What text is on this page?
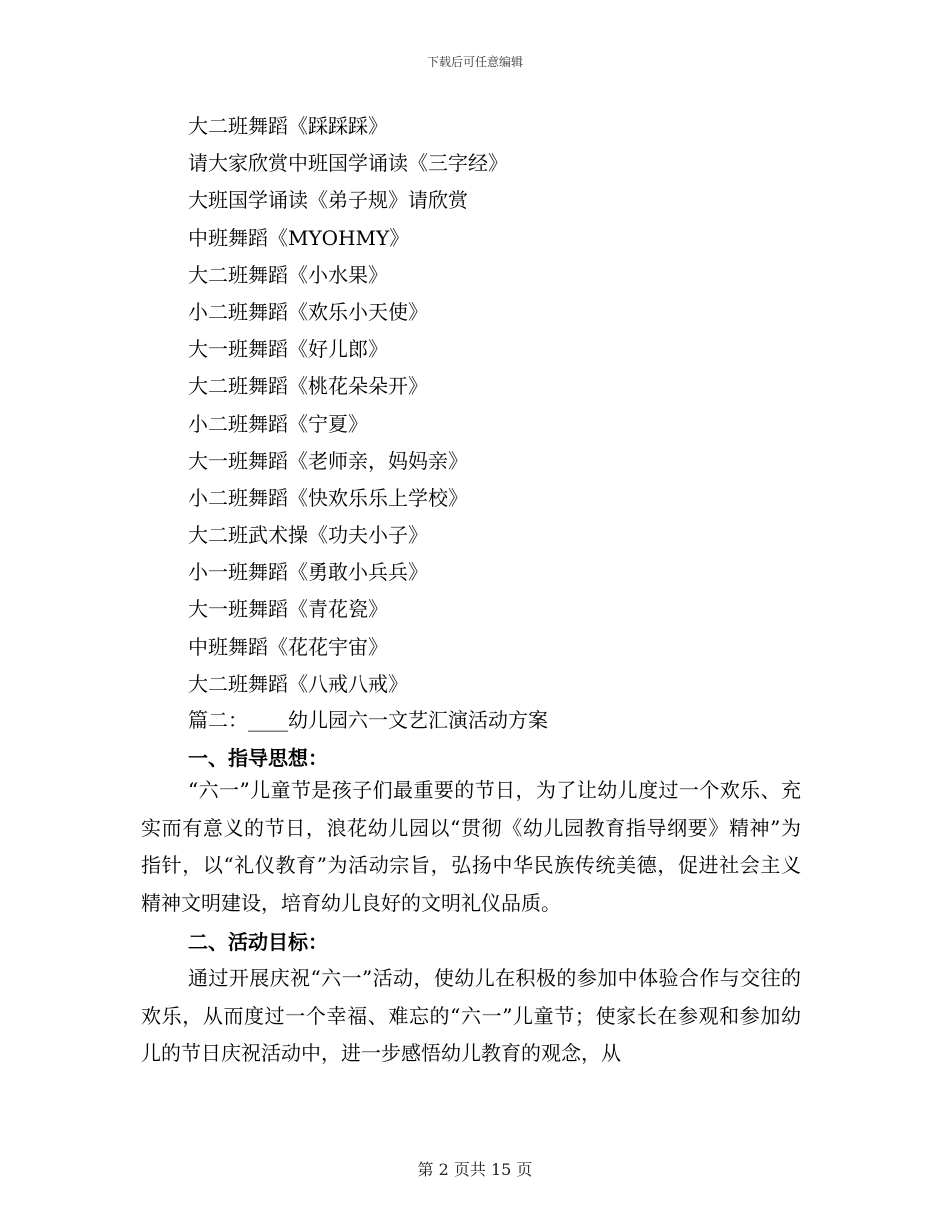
下载后可任意编辑
大二班舞蹈《踩踩踩》
请大家欣赏中班国学诵读《三字经》
大班国学诵读《弟子规》请欣赏
中班舞蹈《MYOHMY》
大二班舞蹈《小水果》
小二班舞蹈《欢乐小天使》
大一班舞蹈《好儿郎》
大二班舞蹈《桃花朵朵开》
小二班舞蹈《宁夏》
大一班舞蹈《老师亲，妈妈亲》
小二班舞蹈《快欢乐乐上学校》
大二班武术操《功夫小子》
小一班舞蹈《勇敢小兵兵》
大一班舞蹈《青花瓷》
中班舞蹈《花花宇宙》
大二班舞蹈《八戒八戒》
篇二：____幼儿园六一文艺汇演活动方案
一、指导思想：

“六一”儿童节是孩子们最重要的节日，为了让幼儿度过一个欢乐、充实而有意义的节日，浪花幼儿园以“贯彻《幼儿园教育指导纲要》精神”为指针，以“礼仪教育”为活动宗旨，弘扬中华民族传统美德，促进社会主义精神文明建设，培育幼儿良好的文明礼仪品质。

二、活动目标：

通过开展庆祝“六一”活动，使幼儿在积极的参加中体验合作与交往的欢乐，从而度过一个幸福、难忘的“六一”儿童节；使家长在参观和参加幼儿的节日庆祝活动中，进一步感悟幼儿教育的观念，从

第 2 页共 15 页
